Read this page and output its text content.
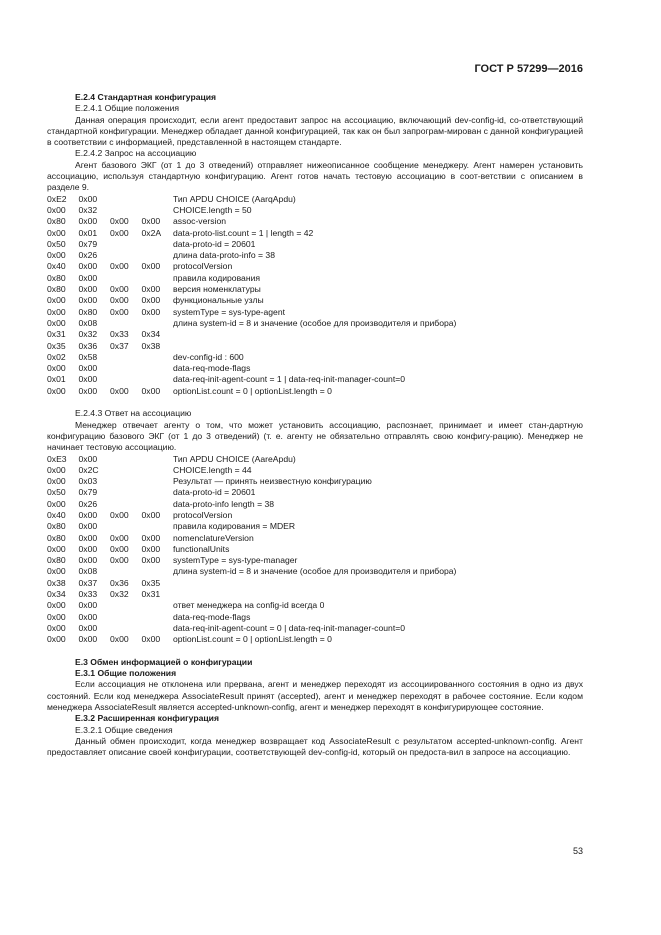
ГОСТ Р 57299—2016

Е.2.4 Стандартная конфигурация

Е.2.4.1 Общие положения

Данная операция происходит, если агент предоставит запрос на ассоциацию, включающий dev-config-id, со-ответствующий стандартной конфигурации. Менеджер обладает данной конфигурацией, так как он был запрограм-мирован с данной конфигурацией в соответствии с информацией, представленной в настоящем стандарте.

Е.2.4.2 Запрос на ассоциацию

Агент базового ЭКГ (от 1 до 3 отведений) отправляет нижеописанное сообщение менеджеру. Агент намерен установить ассоциацию, используя стандартную конфигурацию. Агент готов начать тестовую ассоциацию в соот-ветствии с описанием в разделе 9.

0xE2	0x00	Тип APDU CHOICE (AarqApdu)
0x00	0x32	CHOICE.length = 50
0x80	0x00	0x00	0x00	assoc-version
0x00	0x01	0x00	0x2A	data-proto-list.count = 1 | length = 42
0x50	0x79	data-proto-id = 20601
0x00	0x26	длина data-proto-info = 38
0x40	0x00	0x00	0x00	protocolVersion
0x80	0x00	правила кодирования
0x80	0x00	0x00	0x00	версия номенклатуры
0x00	0x00	0x00	0x00	функциональные узлы
0x00	0x80	0x00	0x00	systemType = sys-type-agent
0x00	0x08	длина system-id = 8 и значение (особое для производителя и прибора)
0x31	0x32	0x33	0x34
0x35	0x36	0x37	0x38
0x02	0x58	dev-config-id : 600
0x00	0x00	data-req-mode-flags
0x01	0x00	data-req-init-agent-count = 1 | data-req-init-manager-count=0
0x00	0x00	0x00	0x00	optionList.count = 0 | optionList.length = 0

Е.2.4.3 Ответ на ассоциацию

Менеджер отвечает агенту о том, что может установить ассоциацию, распознает, принимает и имеет стан-дартную конфигурацию базового ЭКГ (от 1 до 3 отведений) (т. е. агенту не обязательно отправлять свою конфигу-рацию). Менеджер не начинает тестовую ассоциацию.

0xE3	0x00	Тип APDU CHOICE (AareApdu)
0x00	0x2C	CHOICE.length = 44
0x00	0x03	Результат — принять неизвестную конфигурацию
0x50	0x79	data-proto-id = 20601
0x00	0x26	data-proto-info length = 38
0x40	0x00	0x00	0x00	protocolVersion
0x80	0x00	правила кодирования = MDER
0x80	0x00	0x00	0x00	nomenclatureVersion
0x00	0x00	0x00	0x00	functionalUnits
0x80	0x00	0x00	0x00	systemType = sys-type-manager
0x00	0x08	длина system-id = 8 и значение (особое для производителя и прибора)
0x38	0x37	0x36	0x35
0x34	0x33	0x32	0x31
0x00	0x00	ответ менеджера на config-id всегда 0
0x00	0x00	data-req-mode-flags
0x00	0x00	data-req-init-agent-count = 0 | data-req-init-manager-count=0
0x00	0x00	0x00	0x00	optionList.count = 0 | optionList.length = 0

Е.3 Обмен информацией о конфигурации

Е.3.1 Общие положения

Если ассоциация не отклонена или прервана, агент и менеджер переходят из ассоциированного состояния в одно из двух состояний. Если код менеджера AssociateResult принят (accepted), агент и менеджер переходят в рабочее состояние. Если кодом менеджера AssociateResult является accepted-unknown-config, агент и менеджер переходят в конфигурирующее состояние.

Е.3.2 Расширенная конфигурация

Е.3.2.1 Общие сведения

Данный обмен происходит, когда менеджер возвращает код AssociateResult с результатом accepted-unknown-config. Агент предоставляет описание своей конфигурации, соответствующей dev-config-id, который он предоста-вил в запросе на ассоциацию.

53
